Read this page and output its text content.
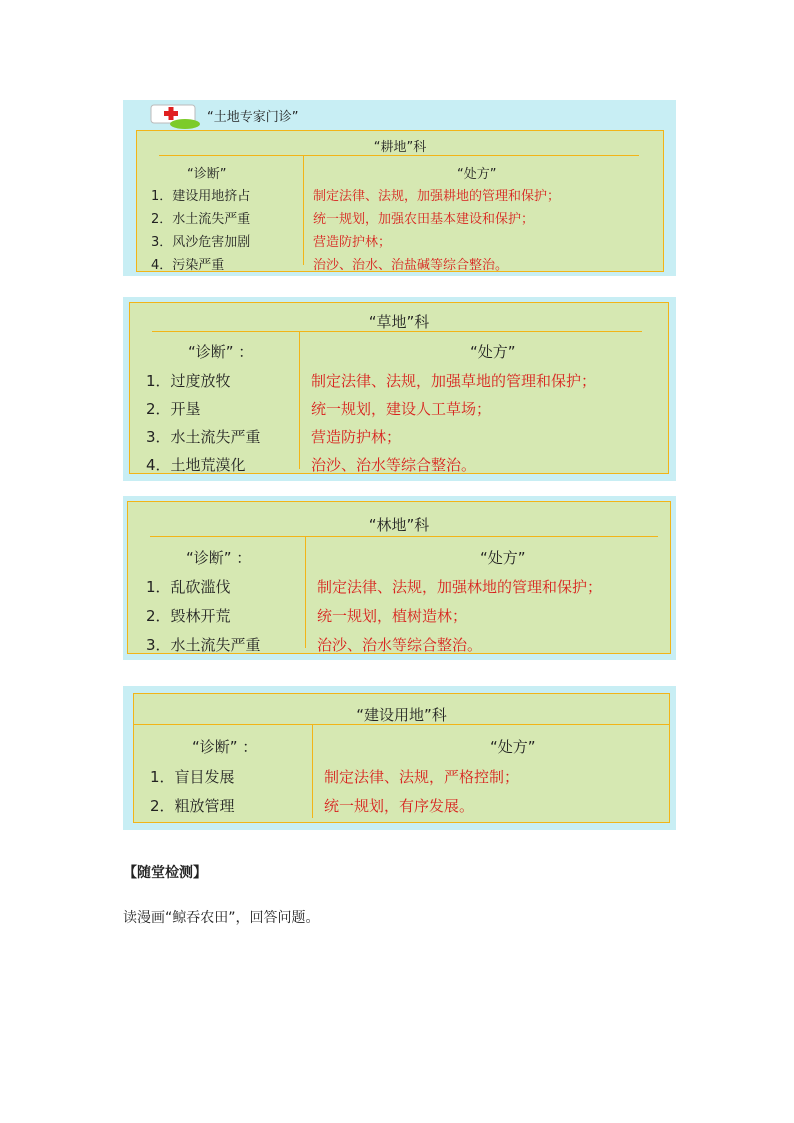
“土地专家门诊”
“耕地”科
“诊断”	“处方”
1．建设用地挤占	制定法律、法规，加强耕地的管理和保护；
2．水土流失严重	统一规划，加强农田基本建设和保护；
3．风沙危害加剧	营造防护林；
4．污染严重	治沙、治水、治盐碱等综合整治。
“草地”科
“诊断” ：	“处方”
1．过度放牧	制定法律、法规，加强草地的管理和保护；
2．开垦	统一规划，建设人工草场；
3．水土流失严重	营造防护林；
4．土地荒漠化	治沙、治水等综合整治。
“林地”科
“诊断” ：	“处方”
1．乱砍滥伐	制定法律、法规，加强林地的管理和保护；
2．毁林开荒	统一规划，植树造林；
3．水土流失严重	治沙、治水等综合整治。
“建设用地”科
“诊断” ：	“处方”
1．盲目发展	制定法律、法规，严格控制；
2．粗放管理	统一规划，有序发展。
【随堂检测】
读漫画“鲸吞农田”，回答问题。
